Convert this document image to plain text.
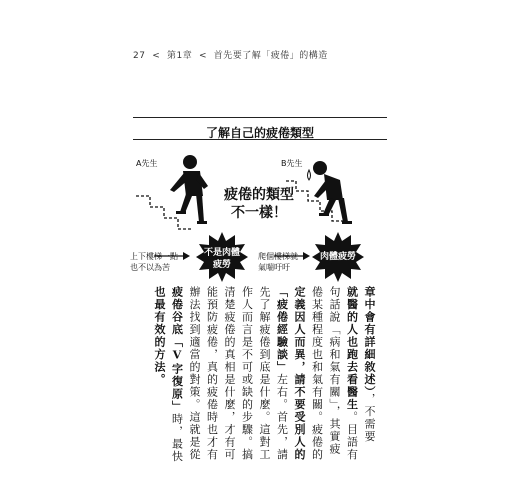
27 < 第1章 < 首先要了解「疲倦」的構造
了解自己的疲倦類型
A先生	B先生
疲倦的類型
不一樣！
上下樓梯一點
也不以為苦
爬個樓梯就
氣喘吁吁
不是肉體
疲勞
肉體疲勞
章中會有詳細敘述），不需要
就醫的人也跑去看醫生。目語有
句話說「病和氣有關」，其實疲
倦某種程度也和氣有關。疲倦的
定義因人而異，請不要受別人的
「疲倦經驗談」左右。首先，請
先了解疲倦到底是什麼。這對工
作人而言是不可或缺的步驟。搞
清楚疲倦的真相是什麼，才有可
能預防疲倦，真的疲倦時也才有
辦法找到適當的對策。這就是從
疲倦谷底「V字復原」時，最快
也最有效的方法。
